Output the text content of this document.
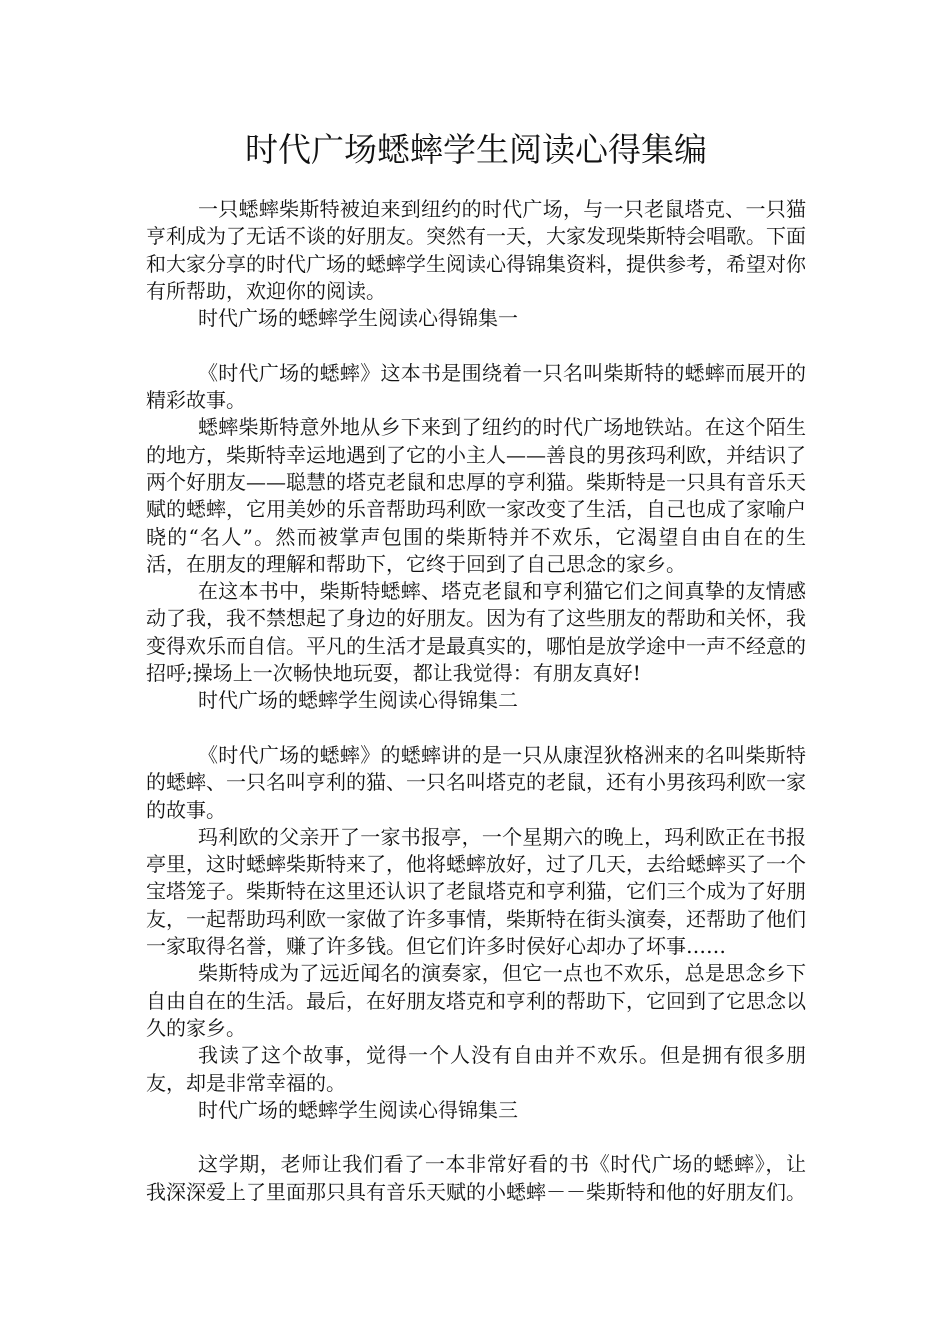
时代广场蟋蟀学生阅读心得集编

一只蟋蟀柴斯特被迫来到纽约的时代广场，与一只老鼠塔克、一只猫亨利成为了无话不谈的好朋友。突然有一天，大家发现柴斯特会唱歌。下面和大家分享的时代广场的蟋蟀学生阅读心得锦集资料，提供参考，希望对你有所帮助，欢迎你的阅读。

时代广场的蟋蟀学生阅读心得锦集一

《时代广场的蟋蟀》这本书是围绕着一只名叫柴斯特的蟋蟀而展开的精彩故事。

蟋蟀柴斯特意外地从乡下来到了纽约的时代广场地铁站。在这个陌生的地方，柴斯特幸运地遇到了它的小主人——善良的男孩玛利欧，并结识了两个好朋友——聪慧的塔克老鼠和忠厚的亨利猫。柴斯特是一只具有音乐天赋的蟋蟀，它用美妙的乐音帮助玛利欧一家改变了生活，自己也成了家喻户晓的“名人”。然而被掌声包围的柴斯特并不欢乐，它渴望自由自在的生活，在朋友的理解和帮助下，它终于回到了自己思念的家乡。

在这本书中，柴斯特蟋蟀、塔克老鼠和亨利猫它们之间真挚的友情感动了我，我不禁想起了身边的好朋友。因为有了这些朋友的帮助和关怀，我变得欢乐而自信。平凡的生活才是最真实的，哪怕是放学途中一声不经意的招呼;操场上一次畅快地玩耍，都让我觉得：有朋友真好!

时代广场的蟋蟀学生阅读心得锦集二

《时代广场的蟋蟀》的蟋蟀讲的是一只从康涅狄格洲来的名叫柴斯特的蟋蟀、一只名叫亨利的猫、一只名叫塔克的老鼠，还有小男孩玛利欧一家的故事。

玛利欧的父亲开了一家书报亭，一个星期六的晚上，玛利欧正在书报亭里，这时蟋蟀柴斯特来了，他将蟋蟀放好，过了几天，去给蟋蟀买了一个宝塔笼子。柴斯特在这里还认识了老鼠塔克和亨利猫，它们三个成为了好朋友，一起帮助玛利欧一家做了许多事情，柴斯特在街头演奏，还帮助了他们一家取得名誉，赚了许多钱。但它们许多时侯好心却办了坏事……

柴斯特成为了远近闻名的演奏家，但它一点也不欢乐，总是思念乡下自由自在的生活。最后，在好朋友塔克和亨利的帮助下，它回到了它思念以久的家乡。

我读了这个故事，觉得一个人没有自由并不欢乐。但是拥有很多朋友，却是非常幸福的。

时代广场的蟋蟀学生阅读心得锦集三

这学期，老师让我们看了一本非常好看的书《时代广场的蟋蟀》，让我深深爱上了里面那只具有音乐天赋的小蟋蟀－－柴斯特和他的好朋友们。
